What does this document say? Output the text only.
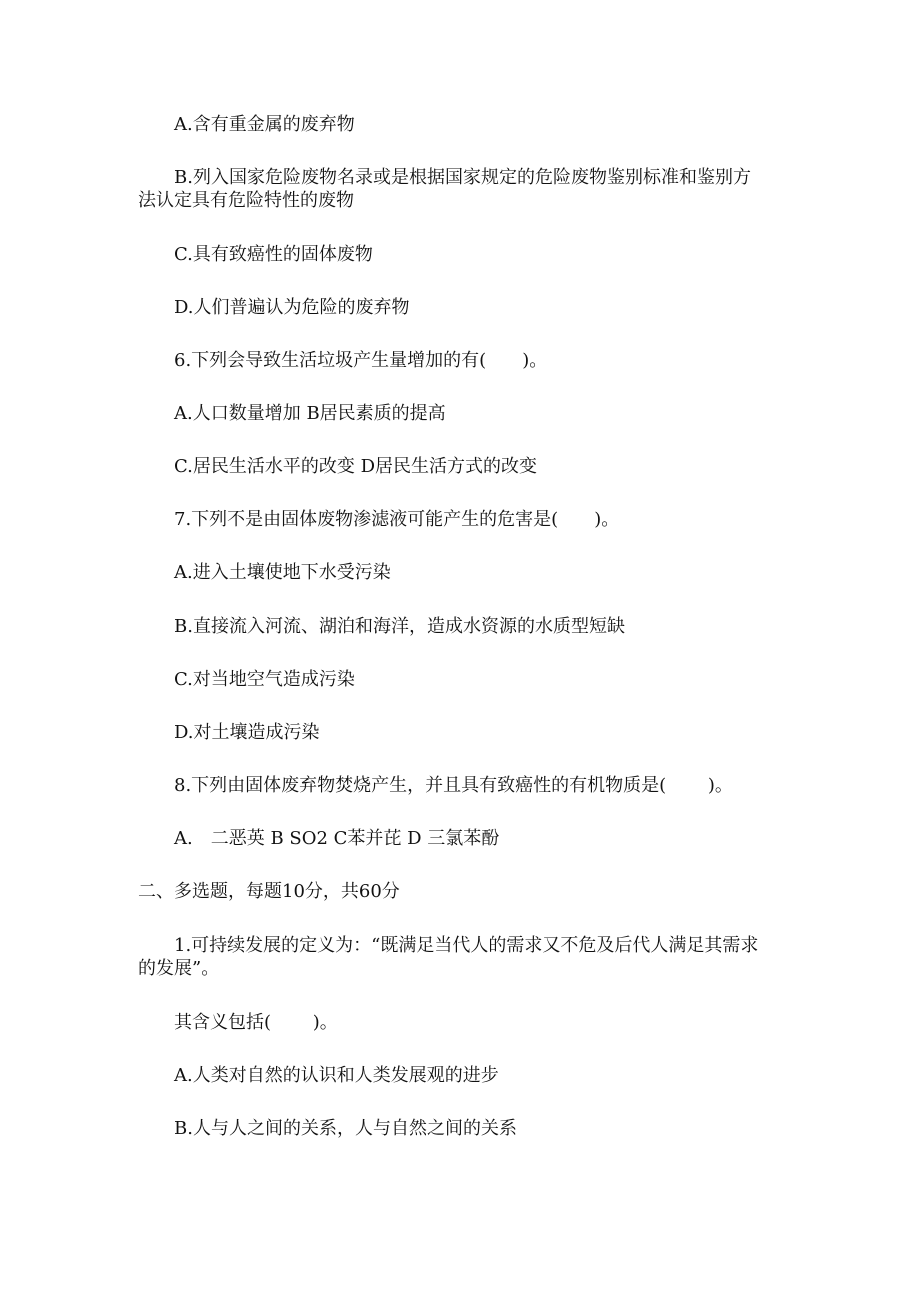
A.含有重金属的废弃物
B.列入国家危险废物名录或是根据国家规定的危险废物鉴别标准和鉴别方
法认定具有危险特性的废物
C.具有致癌性的固体废物
D.人们普遍认为危险的废弃物
6.下列会导致生活垃圾产生量增加的有(　　)。
A.人口数量增加 B居民素质的提高
C.居民生活水平的改变 D居民生活方式的改变
7.下列不是由固体废物渗滤液可能产生的危害是(　　)。
A.进入土壤使地下水受污染
B.直接流入河流、湖泊和海洋，造成水资源的水质型短缺
C.对当地空气造成污染
D.对土壤造成污染
8.下列由固体废弃物焚烧产生，并且具有致癌性的有机物质是(　　 )。
A.　二恶英 B SO2 C苯并芘 D 三氯苯酚
二、多选题，每题10分，共60分
1.可持续发展的定义为：“既满足当代人的需求又不危及后代人满足其需求
的发展”。
其含义包括(　　 )。
A.人类对自然的认识和人类发展观的进步
B.人与人之间的关系，人与自然之间的关系
